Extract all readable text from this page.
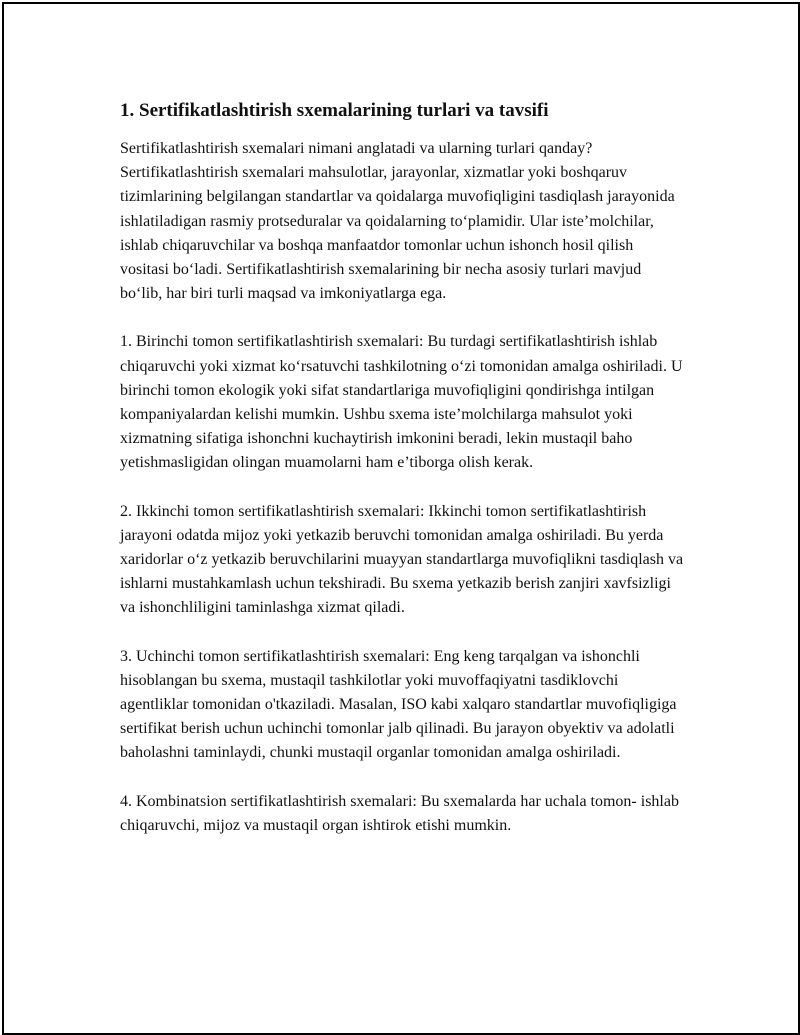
1. Sertifikatlashtirish sxemalarining turlari va tavsifi

Sertifikatlashtirish sxemalari nimani anglatadi va ularning turlari qanday? Sertifikatlashtirish sxemalari mahsulotlar, jarayonlar, xizmatlar yoki boshqaruv tizimlarining belgilangan standartlar va qoidalarga muvofiqligini tasdiqlash jarayonida ishlatiladigan rasmiy protseduralar va qoidalarning to‘plamidir. Ular iste’molchilar, ishlab chiqaruvchilar va boshqa manfaatdor tomonlar uchun ishonch hosil qilish vositasi bo‘ladi. Sertifikatlashtirish sxemalarining bir necha asosiy turlari mavjud bo‘lib, har biri turli maqsad va imkoniyatlarga ega.

1. Birinchi tomon sertifikatlashtirish sxemalari: Bu turdagi sertifikatlashtirish ishlab chiqaruvchi yoki xizmat ko‘rsatuvchi tashkilotning o‘zi tomonidan amalga oshiriladi. U birinchi tomon ekologik yoki sifat standartlariga muvofiqligini qondirishga intilgan kompaniyalardan kelishi mumkin. Ushbu sxema iste’molchilarga mahsulot yoki xizmatning sifatiga ishonchni kuchaytirish imkonini beradi, lekin mustaqil baho yetishmasligidan olingan muamolarni ham e’tiborga olish kerak.

2. Ikkinchi tomon sertifikatlashtirish sxemalari: Ikkinchi tomon sertifikatlashtirish jarayoni odatda mijoz yoki yetkazib beruvchi tomonidan amalga oshiriladi. Bu yerda xaridorlar o‘z yetkazib beruvchilarini muayyan standartlarga muvofiqlikni tasdiqlash va ishlarni mustahkamlash uchun tekshiradi. Bu sxema yetkazib berish zanjiri xavfsizligi va ishonchliligini taminlashga xizmat qiladi.

3. Uchinchi tomon sertifikatlashtirish sxemalari: Eng keng tarqalgan va ishonchli hisoblangan bu sxema, mustaqil tashkilotlar yoki muvoffaqiyatni tasdiklovchi agentliklar tomonidan o'tkaziladi. Masalan, ISO kabi xalqaro standartlar muvofiqligiga sertifikat berish uchun uchinchi tomonlar jalb qilinadi. Bu jarayon obyektiv va adolatli baholashni taminlaydi, chunki mustaqil organlar tomonidan amalga oshiriladi.

4. Kombinatsion sertifikatlashtirish sxemalari: Bu sxemalarda har uchala tomon- ishlab chiqaruvchi, mijoz va mustaqil organ ishtirok etishi mumkin.
